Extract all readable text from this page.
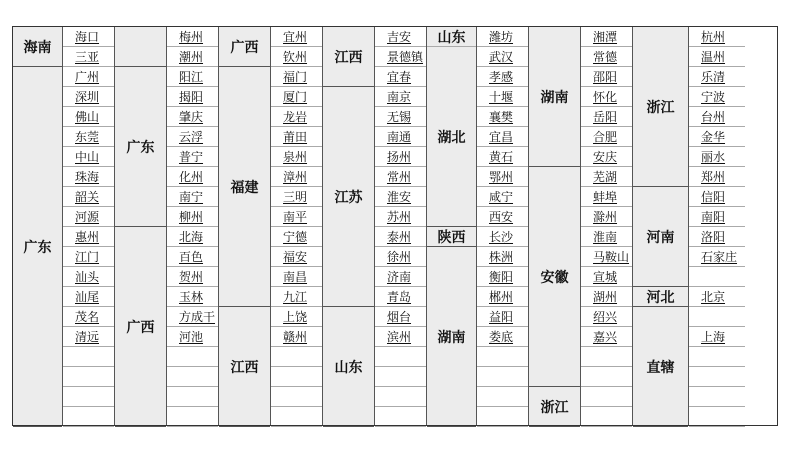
海南
广东
海口
三亚
广州
深圳
佛山
东莞
中山
珠海
韶关
河源
惠州
江门
汕头
汕尾
茂名
清远
广东
广西
梅州
潮州
阳江
揭阳
肇庆
云浮
普宁
化州
南宁
柳州
北海
百色
贺州
玉林
方成干
河池
广西
福建
江西
宜州
钦州
福门
厦门
龙岩
莆田
泉州
漳州
三明
南平
宁德
福安
南昌
九江
上饶
赣州
江西
江苏
山东
吉安
景德镇
宜春
南京
无锡
南通
扬州
常州
淮安
苏州
泰州
徐州
济南
青岛
烟台
滨州
山东
湖北
陕西
湖南
潍坊
武汉
孝感
十堰
襄樊
宜昌
黄石
鄂州
咸宁
西安
长沙
株洲
衡阳
郴州
益阳
娄底
湖南
安徽
浙江
湘潭
常德
邵阳
怀化
岳阳
合肥
安庆
芜湖
蚌埠
滁州
淮南
马鞍山
宣城
湖州
绍兴
嘉兴
浙江
河南
河北
直辖
杭州
温州
乐清
宁波
台州
金华
丽水
郑州
信阳
南阳
洛阳
石家庄
北京
上海
